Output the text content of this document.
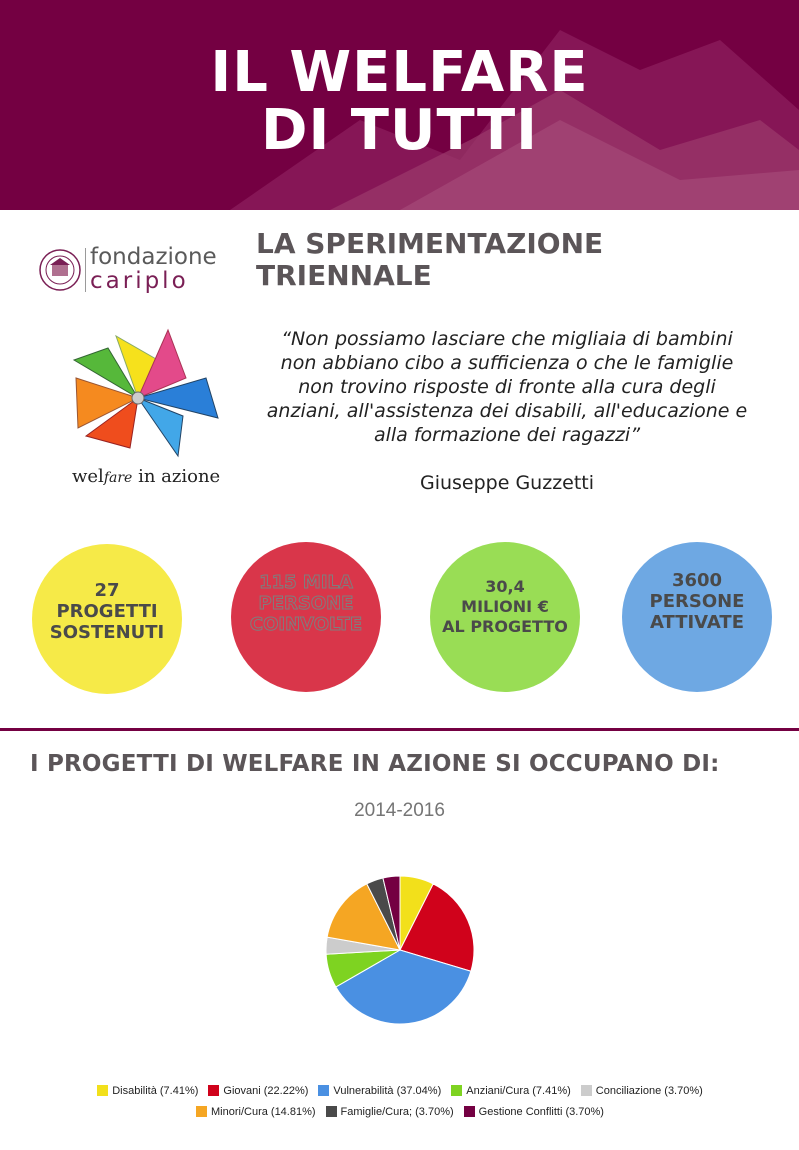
IL WELFARE
DI TUTTI
fondazione
cariplo
LA SPERIMENTAZIONE
TRIENNALE
welfare in azione
“Non possiamo lasciare che migliaia di bambini non abbiano cibo a sufficienza o che le famiglie non trovino risposte di fronte alla cura degli anziani, all'assistenza dei disabili, all'educazione e alla formazione dei ragazzi”
Giuseppe Guzzetti
27
PROGETTI
SOSTENUTI
115 MILA
PERSONE
COINVOLTE
30,4
MILIONI €
AL PROGETTO
3600
PERSONE
ATTIVATE
I PROGETTI DI WELFARE IN AZIONE SI OCCUPANO DI:
2014-2016
Disabilità (7.41%) Giovani (22.22%) Vulnerabilità (37.04%) Anziani/Cura (7.41%) Conciliazione (3.70%)
Minori/Cura (14.81%) Famiglie/Cura; (3.70%) Gestione Conflitti (3.70%)
